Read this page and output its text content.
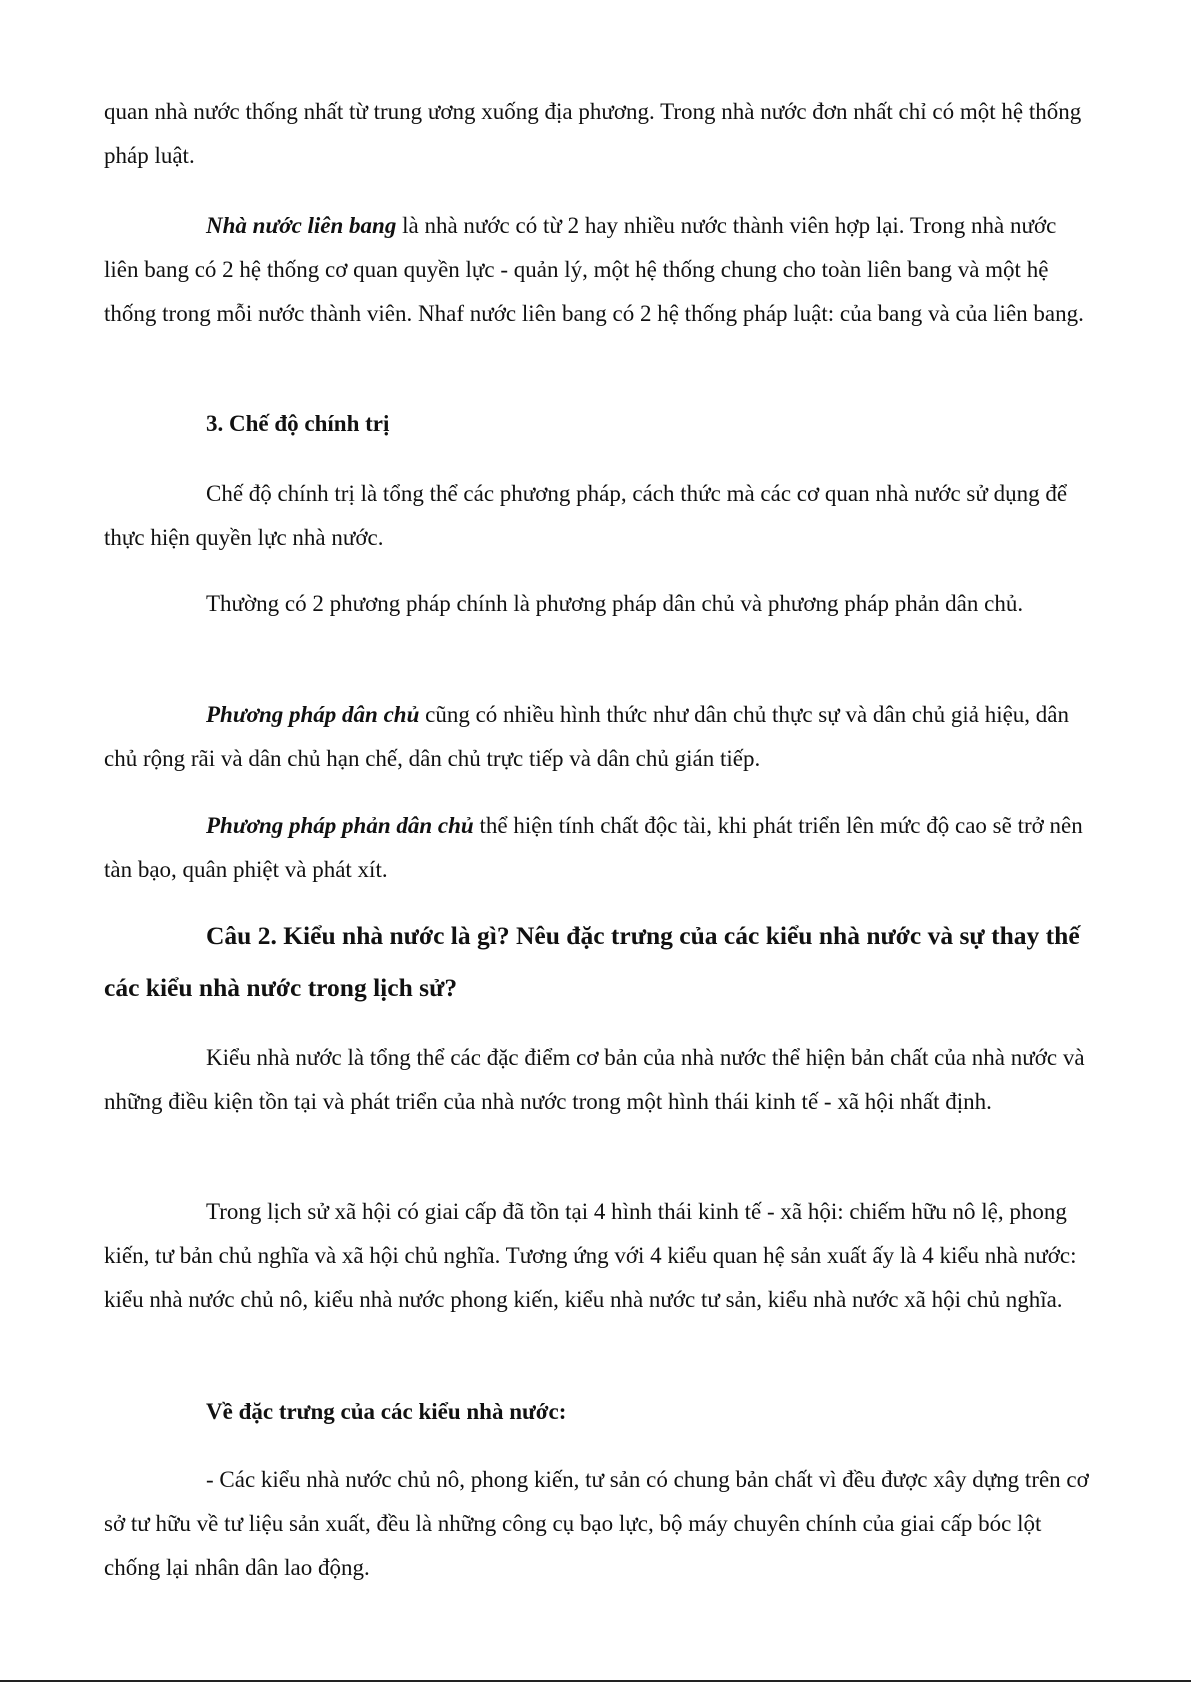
quan nhà nước thống nhất từ trung ương xuống địa phương. Trong nhà nước đơn nhất chỉ có một hệ thống pháp luật.

Nhà nước liên bang là nhà nước có từ 2 hay nhiều nước thành viên hợp lại. Trong nhà nước liên bang có 2 hệ thống cơ quan quyền lực - quản lý, một hệ thống chung cho toàn liên bang và một hệ thống trong mỗi nước thành viên. Nhaf nước liên bang có 2 hệ thống pháp luật: của bang và của liên bang.

3. Chế độ chính trị

Chế độ chính trị là tổng thể các phương pháp, cách thức mà các cơ quan nhà nước sử dụng để thực hiện quyền lực nhà nước.

Thường có 2 phương pháp chính là phương pháp dân chủ và phương pháp phản dân chủ.

Phương pháp dân chủ cũng có nhiều hình thức như dân chủ thực sự và dân chủ giả hiệu, dân chủ rộng rãi và dân chủ hạn chế, dân chủ trực tiếp và dân chủ gián tiếp.

Phương pháp phản dân chủ thể hiện tính chất độc tài, khi phát triển lên mức độ cao sẽ trở nên tàn bạo, quân phiệt và phát xít.

Câu 2. Kiểu nhà nước là gì? Nêu đặc trưng của các kiểu nhà nước và sự thay thế các kiểu nhà nước trong lịch sử?

Kiểu nhà nước là tổng thể các đặc điểm cơ bản của nhà nước thể hiện bản chất của nhà nước và những điều kiện tồn tại và phát triển của nhà nước trong một hình thái kinh tế - xã hội nhất định.

Trong lịch sử xã hội có giai cấp đã tồn tại 4 hình thái kinh tế - xã hội: chiếm hữu nô lệ, phong kiến, tư bản chủ nghĩa và xã hội chủ nghĩa. Tương ứng với 4 kiểu quan hệ sản xuất ấy là 4 kiểu nhà nước: kiểu nhà nước chủ nô, kiểu nhà nước phong kiến, kiểu nhà nước tư sản, kiểu nhà nước xã hội chủ nghĩa.

Về đặc trưng của các kiểu nhà nước:

- Các kiểu nhà nước chủ nô, phong kiến, tư sản có chung bản chất vì đều được xây dựng trên cơ sở tư hữu về tư liệu sản xuất, đều là những công cụ bạo lực, bộ máy chuyên chính của giai cấp bóc lột chống lại nhân dân lao động.
